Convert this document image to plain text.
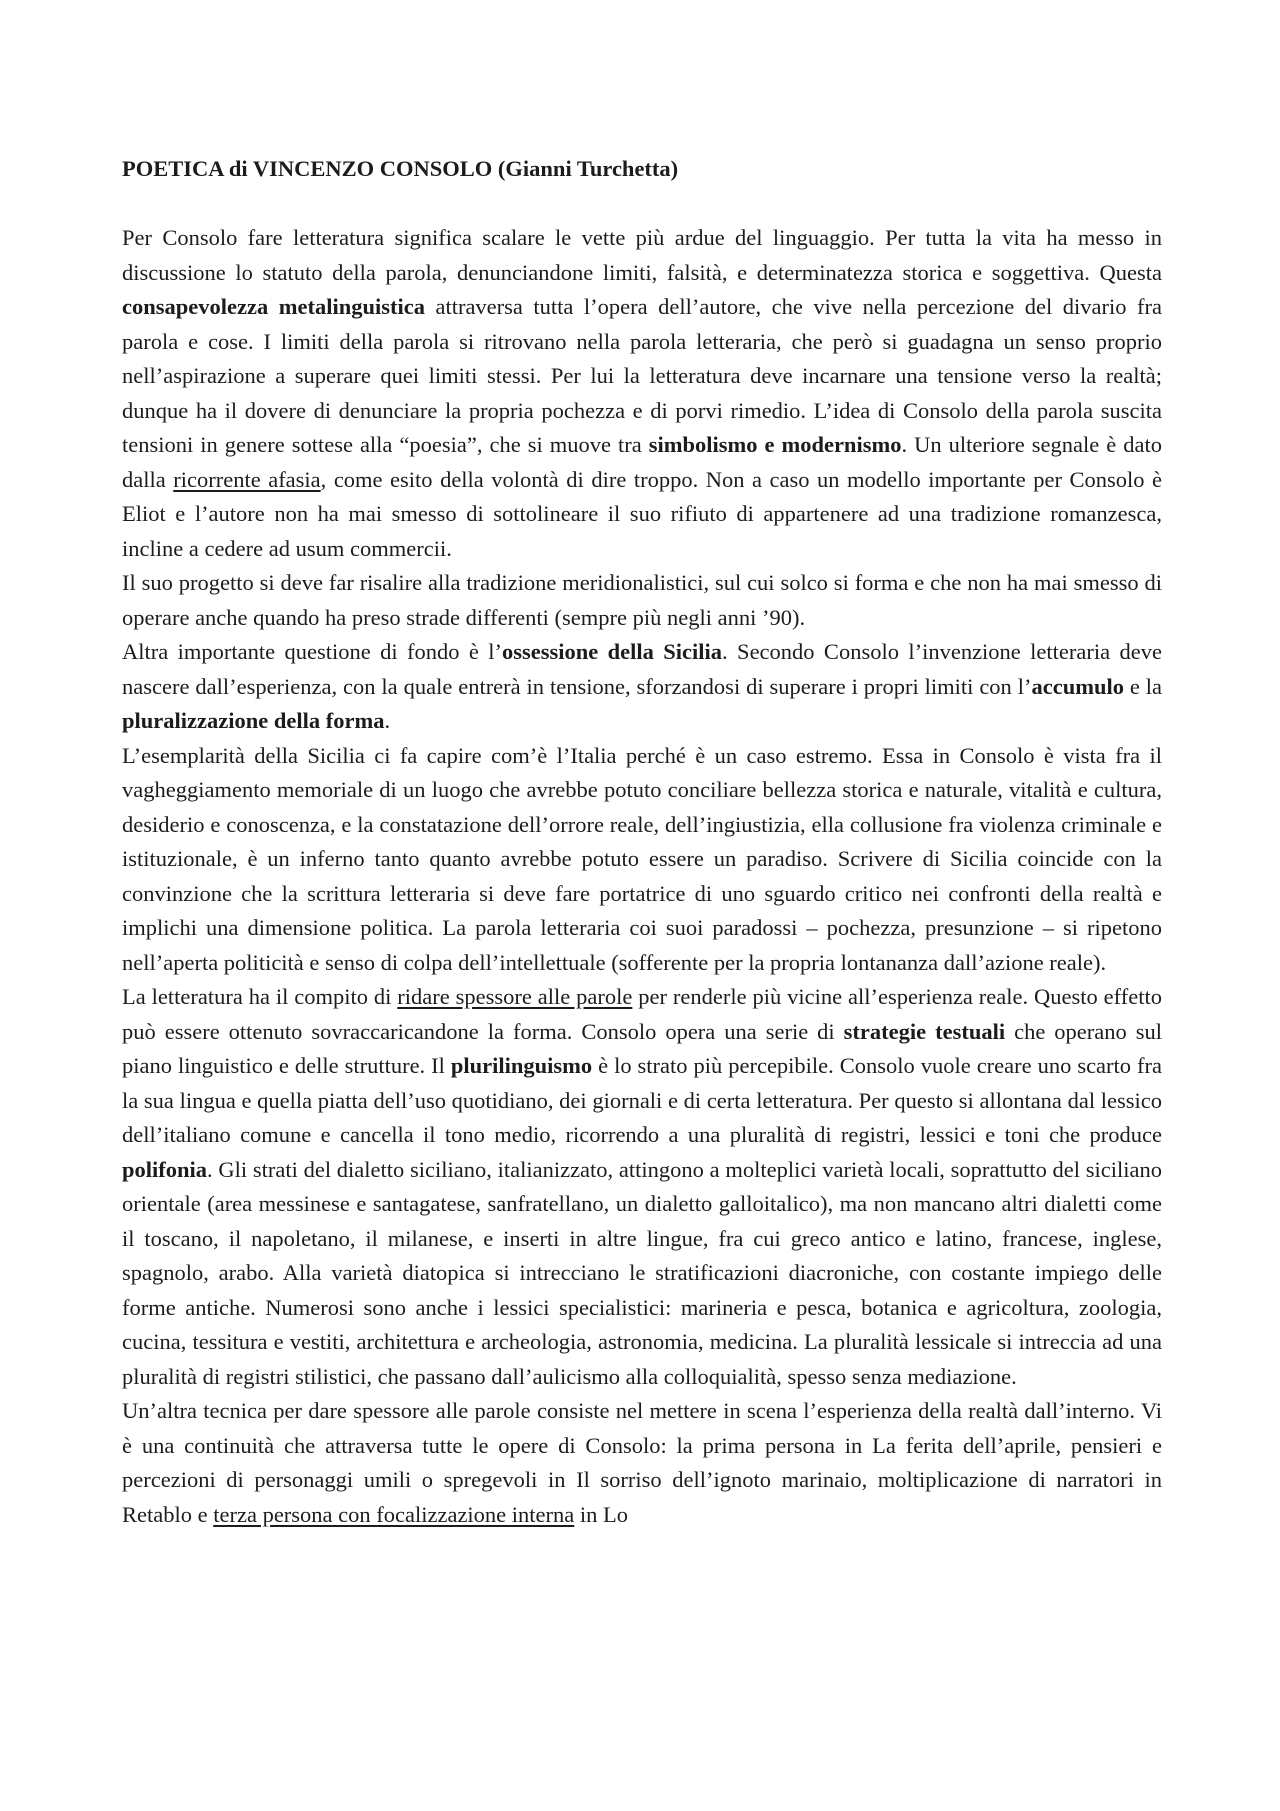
POETICA di VINCENZO CONSOLO (Gianni Turchetta)

Per Consolo fare letteratura significa scalare le vette più ardue del linguaggio. Per tutta la vita ha messo in discussione lo statuto della parola, denunciandone limiti, falsità, e determinatezza storica e soggettiva. Questa consapevolezza metalinguistica attraversa tutta l’opera dell’autore, che vive nella percezione del divario fra parola e cose. I limiti della parola si ritrovano nella parola letteraria, che però si guadagna un senso proprio nell’aspirazione a superare quei limiti stessi. Per lui la letteratura deve incarnare una tensione verso la realtà; dunque ha il dovere di denunciare la propria pochezza e di porvi rimedio. L’idea di Consolo della parola suscita tensioni in genere sottese alla “poesia”, che si muove tra simbolismo e modernismo. Un ulteriore segnale è dato dalla ricorrente afasia, come esito della volontà di dire troppo. Non a caso un modello importante per Consolo è Eliot e l’autore non ha mai smesso di sottolineare il suo rifiuto di appartenere ad una tradizione romanzesca, incline a cedere ad usum commercii.

Il suo progetto si deve far risalire alla tradizione meridionalistici, sul cui solco si forma e che non ha mai smesso di operare anche quando ha preso strade differenti (sempre più negli anni ’90).

Altra importante questione di fondo è l’ossessione della Sicilia. Secondo Consolo l’invenzione letteraria deve nascere dall’esperienza, con la quale entrerà in tensione, sforzandosi di superare i propri limiti con l’accumulo e la pluralizzazione della forma.

L’esemplarità della Sicilia ci fa capire com’è l’Italia perché è un caso estremo. Essa in Consolo è vista fra il vagheggiamento memoriale di un luogo che avrebbe potuto conciliare bellezza storica e naturale, vitalità e cultura, desiderio e conoscenza, e la constatazione dell’orrore reale, dell’ingiustizia, ella collusione fra violenza criminale e istituzionale, è un inferno tanto quanto avrebbe potuto essere un paradiso. Scrivere di Sicilia coincide con la convinzione che la scrittura letteraria si deve fare portatrice di uno sguardo critico nei confronti della realtà e implichi una dimensione politica. La parola letteraria coi suoi paradossi – pochezza, presunzione – si ripetono nell’aperta politicità e senso di colpa dell’intellettuale (sofferente per la propria lontananza dall’azione reale).

La letteratura ha il compito di ridare spessore alle parole per renderle più vicine all’esperienza reale. Questo effetto può essere ottenuto sovraccaricandone la forma. Consolo opera una serie di strategie testuali che operano sul piano linguistico e delle strutture. Il plurilinguismo è lo strato più percepibile. Consolo vuole creare uno scarto fra la sua lingua e quella piatta dell’uso quotidiano, dei giornali e di certa letteratura. Per questo si allontana dal lessico dell’italiano comune e cancella il tono medio, ricorrendo a una pluralità di registri, lessici e toni che produce polifonia. Gli strati del dialetto siciliano, italianizzato, attingono a molteplici varietà locali, soprattutto del siciliano orientale (area messinese e santagatese, sanfratellano, un dialetto galloitalico), ma non mancano altri dialetti come il toscano, il napoletano, il milanese, e inserti in altre lingue, fra cui greco antico e latino, francese, inglese, spagnolo, arabo. Alla varietà diatopica si intrecciano le stratificazioni diacroniche, con costante impiego delle forme antiche. Numerosi sono anche i lessici specialistici: marineria e pesca, botanica e agricoltura, zoologia, cucina, tessitura e vestiti, architettura e archeologia, astronomia, medicina. La pluralità lessicale si intreccia ad una pluralità di registri stilistici, che passano dall’aulicismo alla colloquialità, spesso senza mediazione.

Un’altra tecnica per dare spessore alle parole consiste nel mettere in scena l’esperienza della realtà dall’interno. Vi è una continuità che attraversa tutte le opere di Consolo: la prima persona in La ferita dell’aprile, pensieri e percezioni di personaggi umili o spregevoli in Il sorriso dell’ignoto marinaio, moltiplicazione di narratori in Retablo e terza persona con focalizzazione interna in Lo
